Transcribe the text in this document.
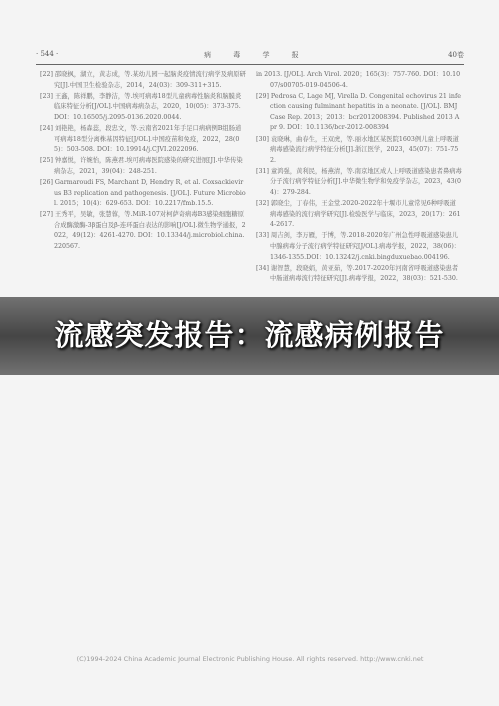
· 544 ·	病 毒 学 报	40卷

[22] 邵晓枫，湖立，黄志成，等.某幼儿园一起脑炎疫情流行病学及病原研究[J].中国卫生检验杂志，2014，24(03)：309-311+315.

[23] 王鑫，陈祥鹏，李静洁，等.埃可病毒18型儿童病毒性脑炎和脑膜炎临床特征分析[J/OL].中国病毒病杂志，2020，10(05)：373-375. DOI：10.16505/j.2095-0136.2020.0044.

[24] 刘艳艳，杨森蕊，段忠文，等.云南省2021年手足口病病例B组肠道可病毒18型分离株基因特征[J/OL].中国疫苗和免疫，2022，28(05)：503-508. DOI：10.19914/j.CJVI.2022096.

[25] 钟嘉悦，许婉怡，陈燕君.埃可病毒医院感染的研究进展[J].中华传染病杂志，2021，39(04)：248-251.

[26] Garmaroudi FS, Marchant D, Hendry R, et al. Coxsackievirus B3 replication and pathogenesis. [J/OL]. Future Microbiol. 2015；10(4)：629-653. DOI：10.2217/fmb.15.5.

[27] 王秀平，吴敏，张慧蓉，等.MiR-107对柯萨奇病毒B3感染细胞糖原合成酶激酶-3β蛋白及β-连环蛋白表达的影响[J/OL].微生物学通报，2022，49(12)：4261-4270. DOI：10.13344/j.microbiol.china.220567.

in 2013. [J/OL]. Arch Virol. 2020；165(3)：757-760. DOI：10.1007/s00705-019-04506-4.

[29] Pedrosa C, Lage MJ, Virella D. Congenital echovirus 21 infection causing fulminant hepatitis in a neonate. [J/OL]. BMJ Case Rep. 2013；2013：bcr2012008394. Published 2013 Apr 9. DOI：10.1136/bcr-2012-008394

[30] 袁晓琳，曲春生，王双虎，等.丽水地区某医院1603例儿童上呼吸道病毒感染流行病学特征分析[J].浙江医学，2023，45(07)：751-752.

[31] 童鸿强，黄利民，杨燕清，等.南京地区成人上呼吸道感染患者鼻病毒分子流行病学特征分析[J].中华微生物学和免疫学杂志，2023，43(04)：279-284.

[32] 郭晓尘，丁春伟，王金堂.2020-2022年十堰市儿童常见6种呼吸道病毒感染的流行病学研究[J].检验医学与临床，2023，20(17)：2614-2617.

[33] 周吉剑，李万雁，于博，等.2018-2020年广州急性呼吸道感染患儿中腺病毒分子流行病学特征研究[J/OL].病毒学报，2022，38(06)：1346-1355.DOI：10.13242/j.cnki.bingduxuebao.004196.

[34] 谢智慧，段晓娟，黄亚茹，等.2017-2020年河南省呼吸道感染患者中肠道病毒流行特征研究[J].病毒学报，2022，38(03)：521-530.

流感突发报告：流感病例报告
(C)1994-2024 China Academic Journal Electronic Publishing House. All rights reserved. http://www.cnki.net
